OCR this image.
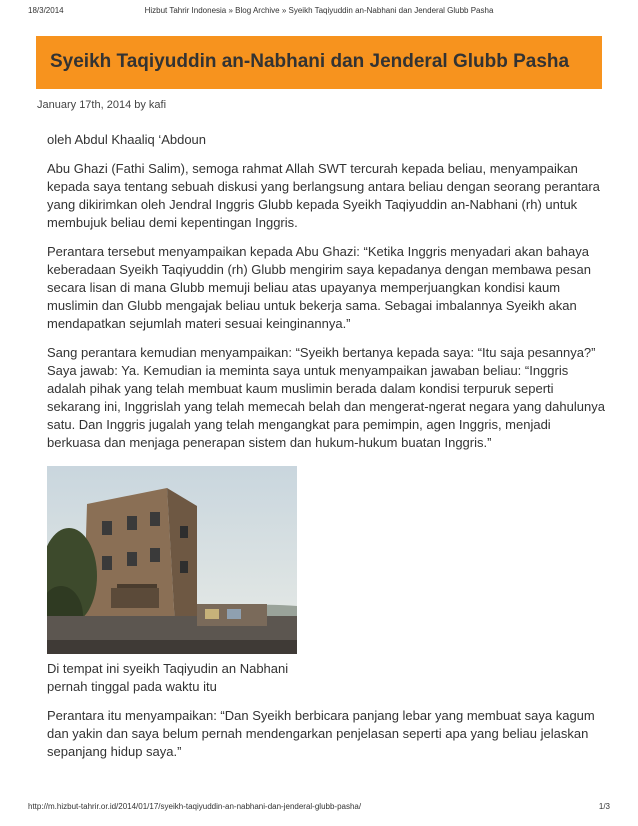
18/3/2014	Hizbut Tahrir Indonesia » Blog Archive » Syeikh Taqiyuddin an-Nabhani dan Jenderal Glubb Pasha
Syeikh Taqiyuddin an-Nabhani dan Jenderal Glubb Pasha
January 17th, 2014 by kafi

oleh Abdul Khaaliq ‘Abdoun

Abu Ghazi (Fathi Salim), semoga rahmat Allah SWT tercurah kepada beliau, menyampaikan kepada saya tentang sebuah diskusi yang berlangsung antara beliau dengan seorang perantara yang dikirimkan oleh Jendral Inggris Glubb kepada Syeikh Taqiyuddin an-Nabhani (rh) untuk membujuk beliau demi kepentingan Inggris.

Perantara tersebut menyampaikan kepada Abu Ghazi: “Ketika Inggris menyadari akan bahaya keberadaan Syeikh Taqiyuddin (rh) Glubb mengirim saya kepadanya dengan membawa pesan secara lisan di mana Glubb memuji beliau atas upayanya memperjuangkan kondisi kaum muslimin dan Glubb mengajak beliau untuk bekerja sama. Sebagai imbalannya Syeikh akan mendapatkan sejumlah materi sesuai keinginannya.”

Sang perantara kemudian menyampaikan: “Syeikh bertanya kepada saya: “Itu saja pesannya?” Saya jawab: Ya. Kemudian ia meminta saya untuk menyampaikan jawaban beliau: “Inggris adalah pihak yang telah membuat kaum muslimin berada dalam kondisi terpuruk seperti sekarang ini, Inggrislah yang telah memecah belah dan mengerat-ngerat negara yang dahulunya satu. Dan Inggris jugalah yang telah mengangkat para pemimpin, agen Inggris, menjadi berkuasa dan menjaga penerapan sistem dan hukum-hukum buatan Inggris.”

Di tempat ini syeikh Taqiyudin an Nabhani
pernah tinggal pada waktu itu

Perantara itu menyampaikan: “Dan Syeikh berbicara panjang lebar yang membuat saya kagum dan yakin dan saya belum pernah mendengarkan penjelasan seperti apa yang beliau jelaskan sepanjang hidup saya.”

http://m.hizbut-tahrir.or.id/2014/01/17/syeikh-taqiyuddin-an-nabhani-dan-jenderal-glubb-pasha/	1/3
